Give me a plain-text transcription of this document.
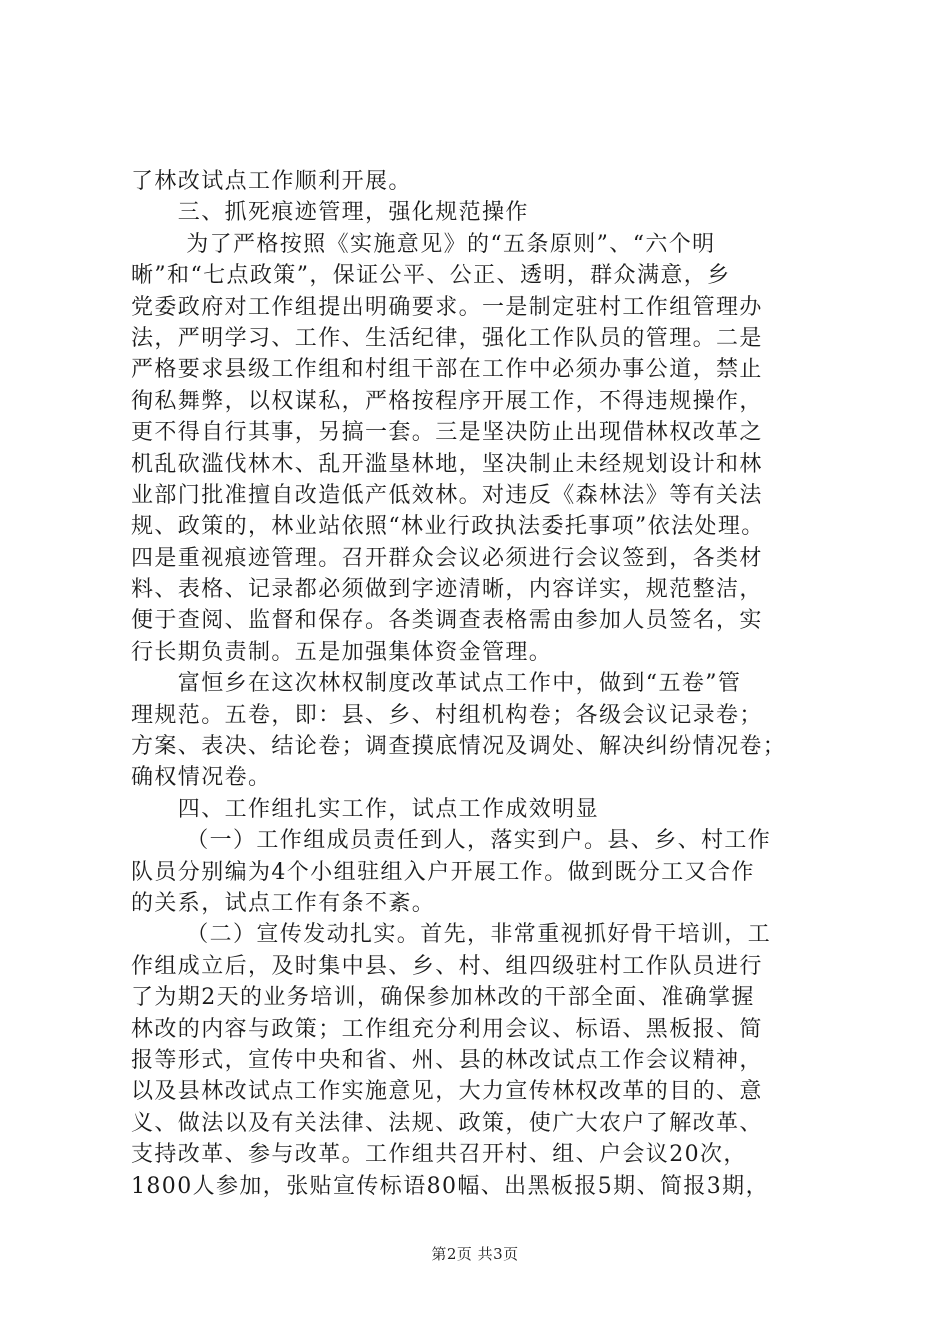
了林改试点工作顺利开展。
　　三、抓死痕迹管理，强化规范操作
　　 为了严格按照《实施意见》的“五条原则”、“六个明
晰”和“七点政策”，保证公平、公正、透明，群众满意，乡
党委政府对工作组提出明确要求。一是制定驻村工作组管理办
法，严明学习、工作、生活纪律，强化工作队员的管理。二是
严格要求县级工作组和村组干部在工作中必须办事公道，禁止
徇私舞弊，以权谋私，严格按程序开展工作，不得违规操作，
更不得自行其事，另搞一套。三是坚决防止出现借林权改革之
机乱砍滥伐林木、乱开滥垦林地，坚决制止未经规划设计和林
业部门批准擅自改造低产低效林。对违反《森林法》等有关法
规、政策的，林业站依照“林业行政执法委托事项”依法处理。
四是重视痕迹管理。召开群众会议必须进行会议签到，各类材
料、表格、记录都必须做到字迹清晰，内容详实，规范整洁，
便于查阅、监督和保存。各类调查表格需由参加人员签名，实
行长期负责制。五是加强集体资金管理。
　　富恒乡在这次林权制度改革试点工作中，做到“五卷”管
理规范。五卷，即：县、乡、村组机构卷；各级会议记录卷；
方案、表决、结论卷；调查摸底情况及调处、解决纠纷情况卷；
确权情况卷。
　　四、工作组扎实工作，试点工作成效明显
　　 （一）工作组成员责任到人，落实到户。县、乡、村工作
队员分别编为4个小组驻组入户开展工作。做到既分工又合作
的关系，试点工作有条不紊。
　　 （二）宣传发动扎实。首先，非常重视抓好骨干培训，工
作组成立后，及时集中县、乡、村、组四级驻村工作队员进行
了为期2天的业务培训，确保参加林改的干部全面、准确掌握
林改的内容与政策；工作组充分利用会议、标语、黑板报、简
报等形式，宣传中央和省、州、县的林改试点工作会议精神，
以及县林改试点工作实施意见，大力宣传林权改革的目的、意
义、做法以及有关法律、法规、政策，使广大农户了解改革、
支持改革、参与改革。工作组共召开村、组、户会议20次，
1800人参加，张贴宣传标语80幅、出黑板报5期、简报3期，
第2页 共3页
